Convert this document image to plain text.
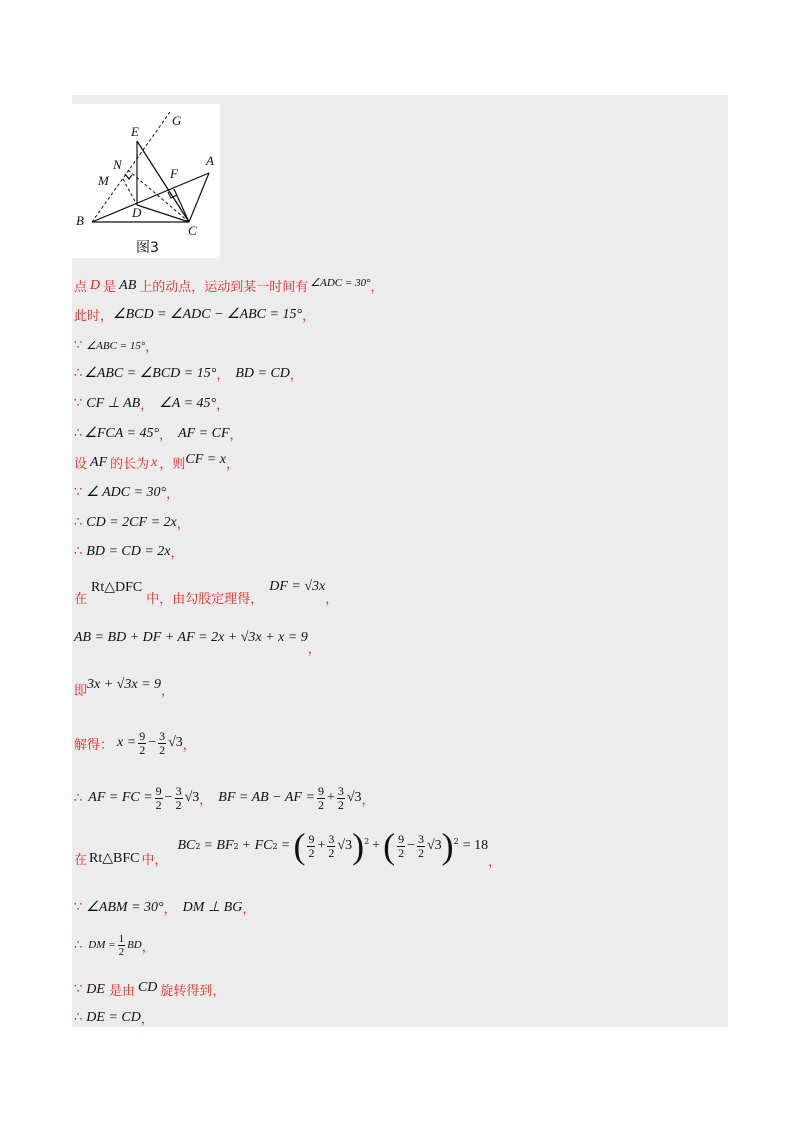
G
E
N
M	F
A
D
B
C
图3
点 D 是 AB 上的动点，运动到某一时间有 ∠ADC = 30° ，
此时， ∠BCD = ∠ADC − ∠ABC = 15° ，
∵ ∠ABC = 15° ，
∴ ∠ABC = ∠BCD = 15° ， BD = CD ，
∵ CF ⊥ AB ， ∠A = 45° ，
∴ ∠FCA = 45° ， AF = CF ，
设 AF 的长为 x ，则 CF = x ，
∵ ∠ ADC = 30° ，
∴ CD = 2CF = 2x ，
∴ BD = CD = 2x ，
在
Rt△DFC
中，由勾股定理得，
DF = √3x
，
AB = BD + DF + AF = 2x + √3x + x = 9
，
即 3x + √3x = 9 ，
解得： $x = \frac{9}{2} - \frac{3}{2} √3$ ，
∴ AF = FC = $\frac{9}{2} - \frac{3}{2} √3$ ， BF = AB − AF = $\frac{9}{2} + \frac{3}{2} √3$ ，
在 Rt△BFC 中，
BC 2 = BF 2 + FC 2 = ( $\frac{9}{2} + \frac{3}{2} √3$ )$^2$ + ( $\frac{9}{2} - \frac{3}{2} √3$ )$^2$ = 18
，
∵ ∠ABM = 30° ， DM ⊥ BG ，
∴ DM = $\frac{1}{2}$ BD ，
∵ DE 是由 CD 旋转得到，
∴ DE = CD ，
